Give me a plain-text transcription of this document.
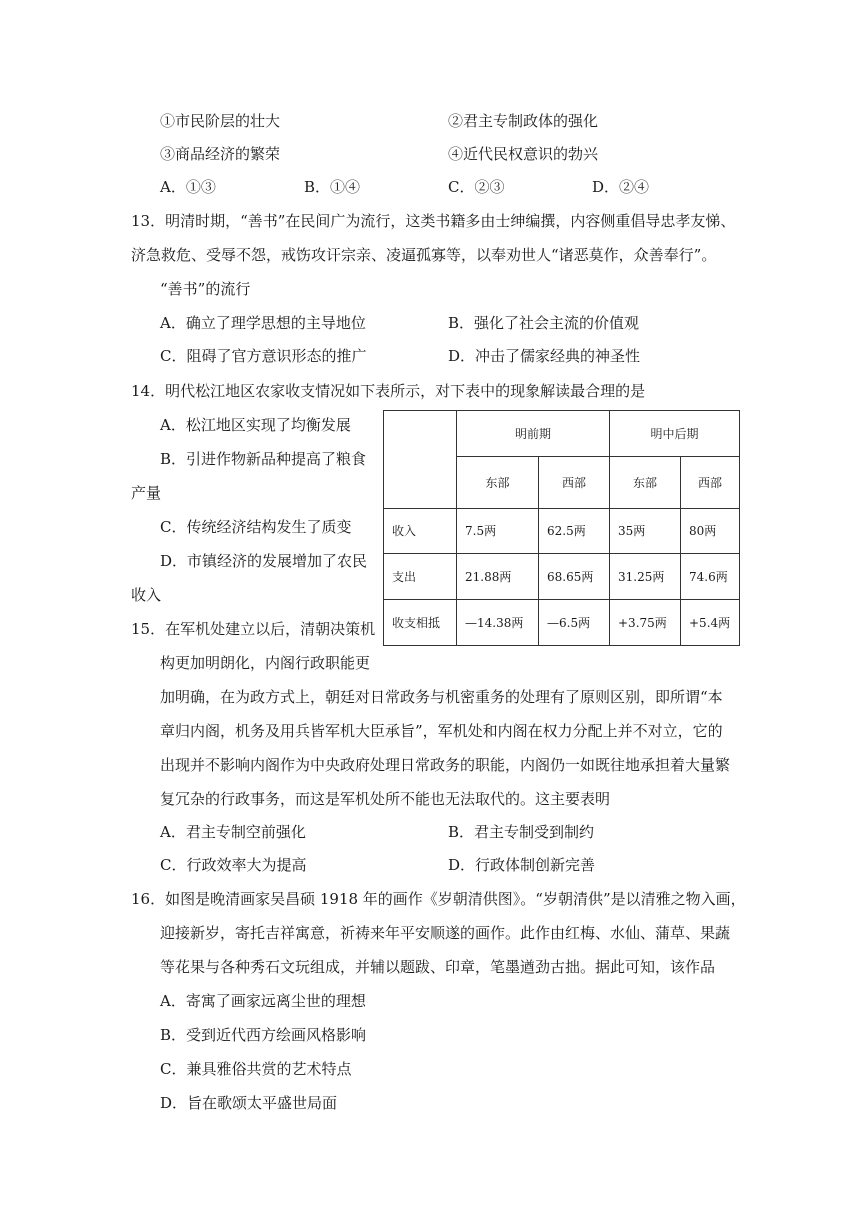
①市民阶层的壮大	②君主专制政体的强化
③商品经济的繁荣	④近代民权意识的勃兴
A．①③	B．①④	C．②③	D．②④
13．明清时期，“善书”在民间广为流行，这类书籍多由士绅编撰，内容侧重倡导忠孝友悌、
济急救危、受辱不怨，戒饬攻讦宗亲、凌逼孤寡等，以奉劝世人“诸恶莫作，众善奉行”。
“善书”的流行
A．确立了理学思想的主导地位	B．强化了社会主流的价值观
C．阻碍了官方意识形态的推广	D．冲击了儒家经典的神圣性
14．明代松江地区农家收支情况如下表所示，对下表中的现象解读最合理的是
A．松江地区实现了均衡发展
B．引进作物新品种提高了粮食
产量
C．传统经济结构发生了质变
D．市镇经济的发展增加了农民
收入
	明前期		明中后期	
	东部	西部	东部	西部
收入	7.5两	62.5两	35两	80两
支出	21.88两	68.65两	31.25两	74.6两
收支相抵	—14.38两	—6.5两	+3.75两	+5.4两
15．在军机处建立以后，清朝决策机
构更加明朗化，内阁行政职能更
加明确，在为政方式上，朝廷对日常政务与机密重务的处理有了原则区别，即所谓“本
章归内阁，机务及用兵皆军机大臣承旨”，军机处和内阁在权力分配上并不对立，它的
出现并不影响内阁作为中央政府处理日常政务的职能，内阁仍一如既往地承担着大量繁
复冗杂的行政事务，而这是军机处所不能也无法取代的。这主要表明
A．君主专制空前强化	B．君主专制受到制约
C．行政效率大为提高	D．行政体制创新完善
16．如图是晚清画家吴昌硕 1918 年的画作《岁朝清供图》。“岁朝清供”是以清雅之物入画，
迎接新岁，寄托吉祥寓意，祈祷来年平安顺遂的画作。此作由红梅、水仙、蒲草、果蔬
等花果与各种秀石文玩组成，并辅以题跋、印章，笔墨遒劲古拙。据此可知，该作品
A．寄寓了画家远离尘世的理想
B．受到近代西方绘画风格影响
C．兼具雅俗共赏的艺术特点
D．旨在歌颂太平盛世局面
